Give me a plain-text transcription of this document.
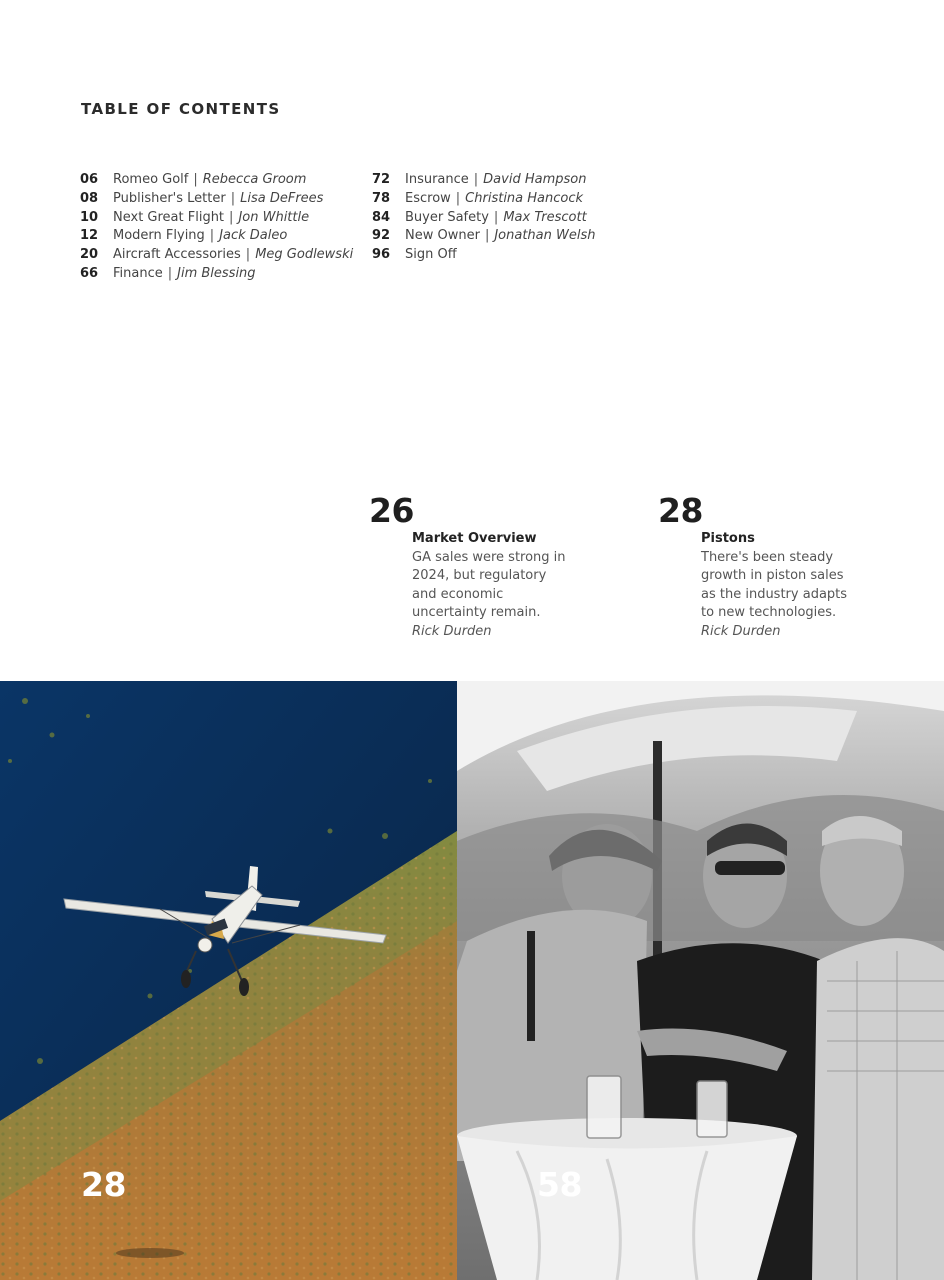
TABLE OF CONTENTS
06 Romeo Golf | Rebecca Groom
08 Publisher's Letter | Lisa DeFrees
10 Next Great Flight | Jon Whittle
12 Modern Flying | Jack Daleo
20 Aircraft Accessories | Meg Godlewski
66 Finance | Jim Blessing
72 Insurance | David Hampson
78 Escrow | Christina Hancock
84 Buyer Safety | Max Trescott
92 New Owner | Jonathan Welsh
96 Sign Off
26
Market Overview
GA sales were strong in 2024, but regulatory and economic uncertainty remain.
Rick Durden
28
Pistons
There's been steady growth in piston sales as the industry adapts to new technologies.
Rick Durden
28	58
